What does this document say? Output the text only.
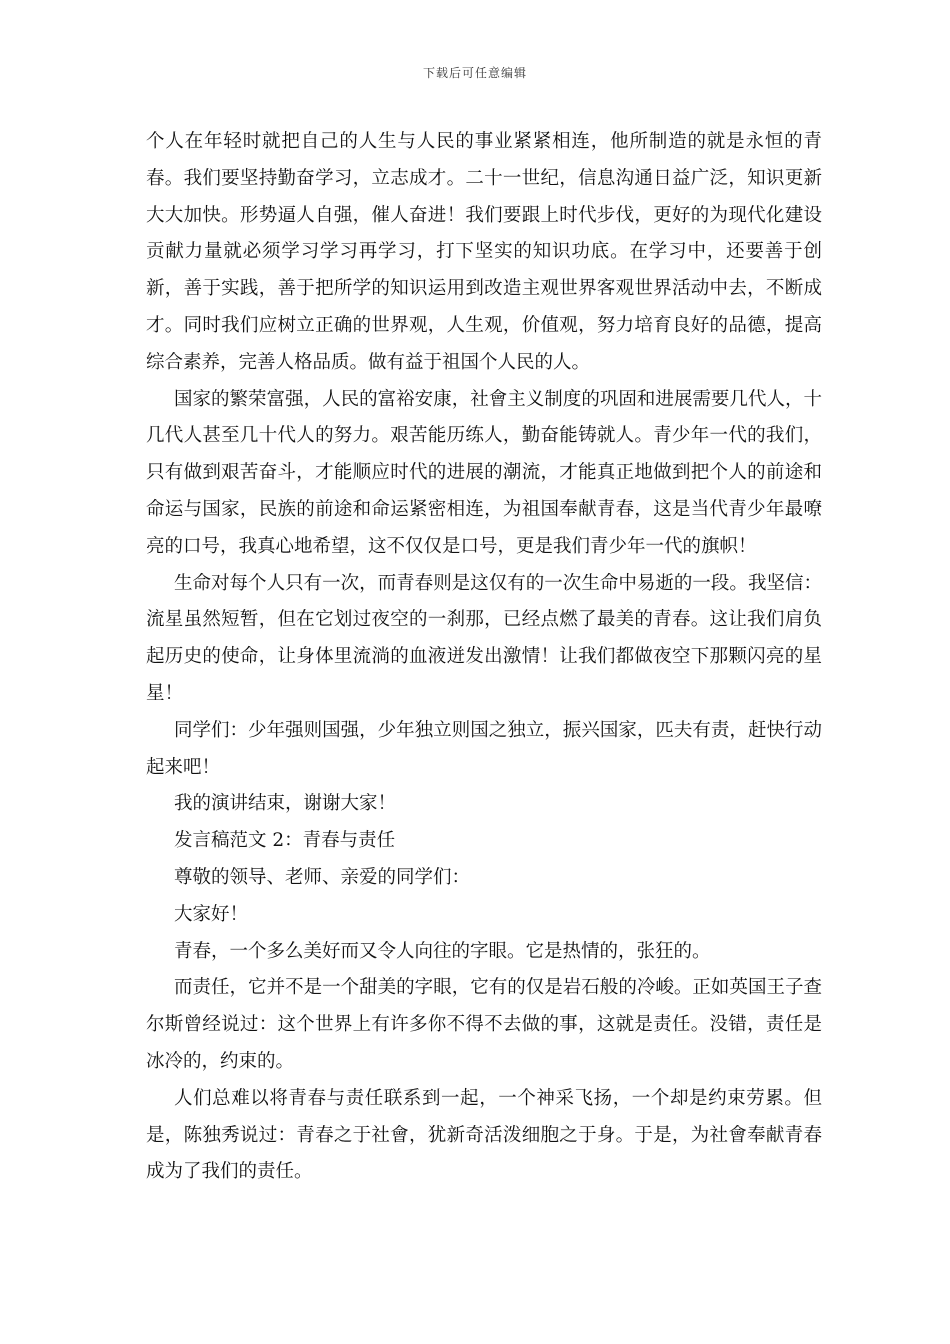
下载后可任意编辑

个人在年轻时就把自己的人生与人民的事业紧紧相连，他所制造的就是永恒的青春。我们要坚持勤奋学习，立志成才。二十一世纪，信息沟通日益广泛，知识更新大大加快。形势逼人自强，催人奋进！我们要跟上时代步伐，更好的为现代化建设贡献力量就必须学习学习再学习，打下坚实的知识功底。在学习中，还要善于创新，善于实践，善于把所学的知识运用到改造主观世界客观世界活动中去，不断成才。同时我们应树立正确的世界观，人生观，价值观，努力培育良好的品德，提高综合素养，完善人格品质。做有益于祖国个人民的人。

国家的繁荣富强，人民的富裕安康，社會主义制度的巩固和进展需要几代人，十几代人甚至几十代人的努力。艰苦能历练人，勤奋能铸就人。青少年一代的我们，只有做到艰苦奋斗，才能顺应时代的进展的潮流，才能真正地做到把个人的前途和命运与国家，民族的前途和命运紧密相连，为祖国奉献青春，这是当代青少年最嘹亮的口号，我真心地希望，这不仅仅是口号，更是我们青少年一代的旗帜！

生命对每个人只有一次，而青春则是这仅有的一次生命中易逝的一段。我坚信：流星虽然短暂，但在它划过夜空的一刹那，已经点燃了最美的青春。这让我们肩负起历史的使命，让身体里流淌的血液迸发出激情！让我们都做夜空下那颗闪亮的星星！

同学们：少年强则国强，少年独立则国之独立，振兴国家，匹夫有责，赶快行动起来吧！

我的演讲结束，谢谢大家！

发言稿范文 2：青春与责任

尊敬的领导、老师、亲爱的同学们：

大家好！

青春，一个多么美好而又令人向往的字眼。它是热情的，张狂的。

而责任，它并不是一个甜美的字眼，它有的仅是岩石般的冷峻。正如英国王子查尔斯曾经说过：这个世界上有许多你不得不去做的事，这就是责任。没错，责任是冰冷的，约束的。

人们总难以将青春与责任联系到一起，一个神采飞扬，一个却是约束劳累。但是，陈独秀说过：青春之于社會，犹新奇活泼细胞之于身。于是，为社會奉献青春成为了我们的责任。
